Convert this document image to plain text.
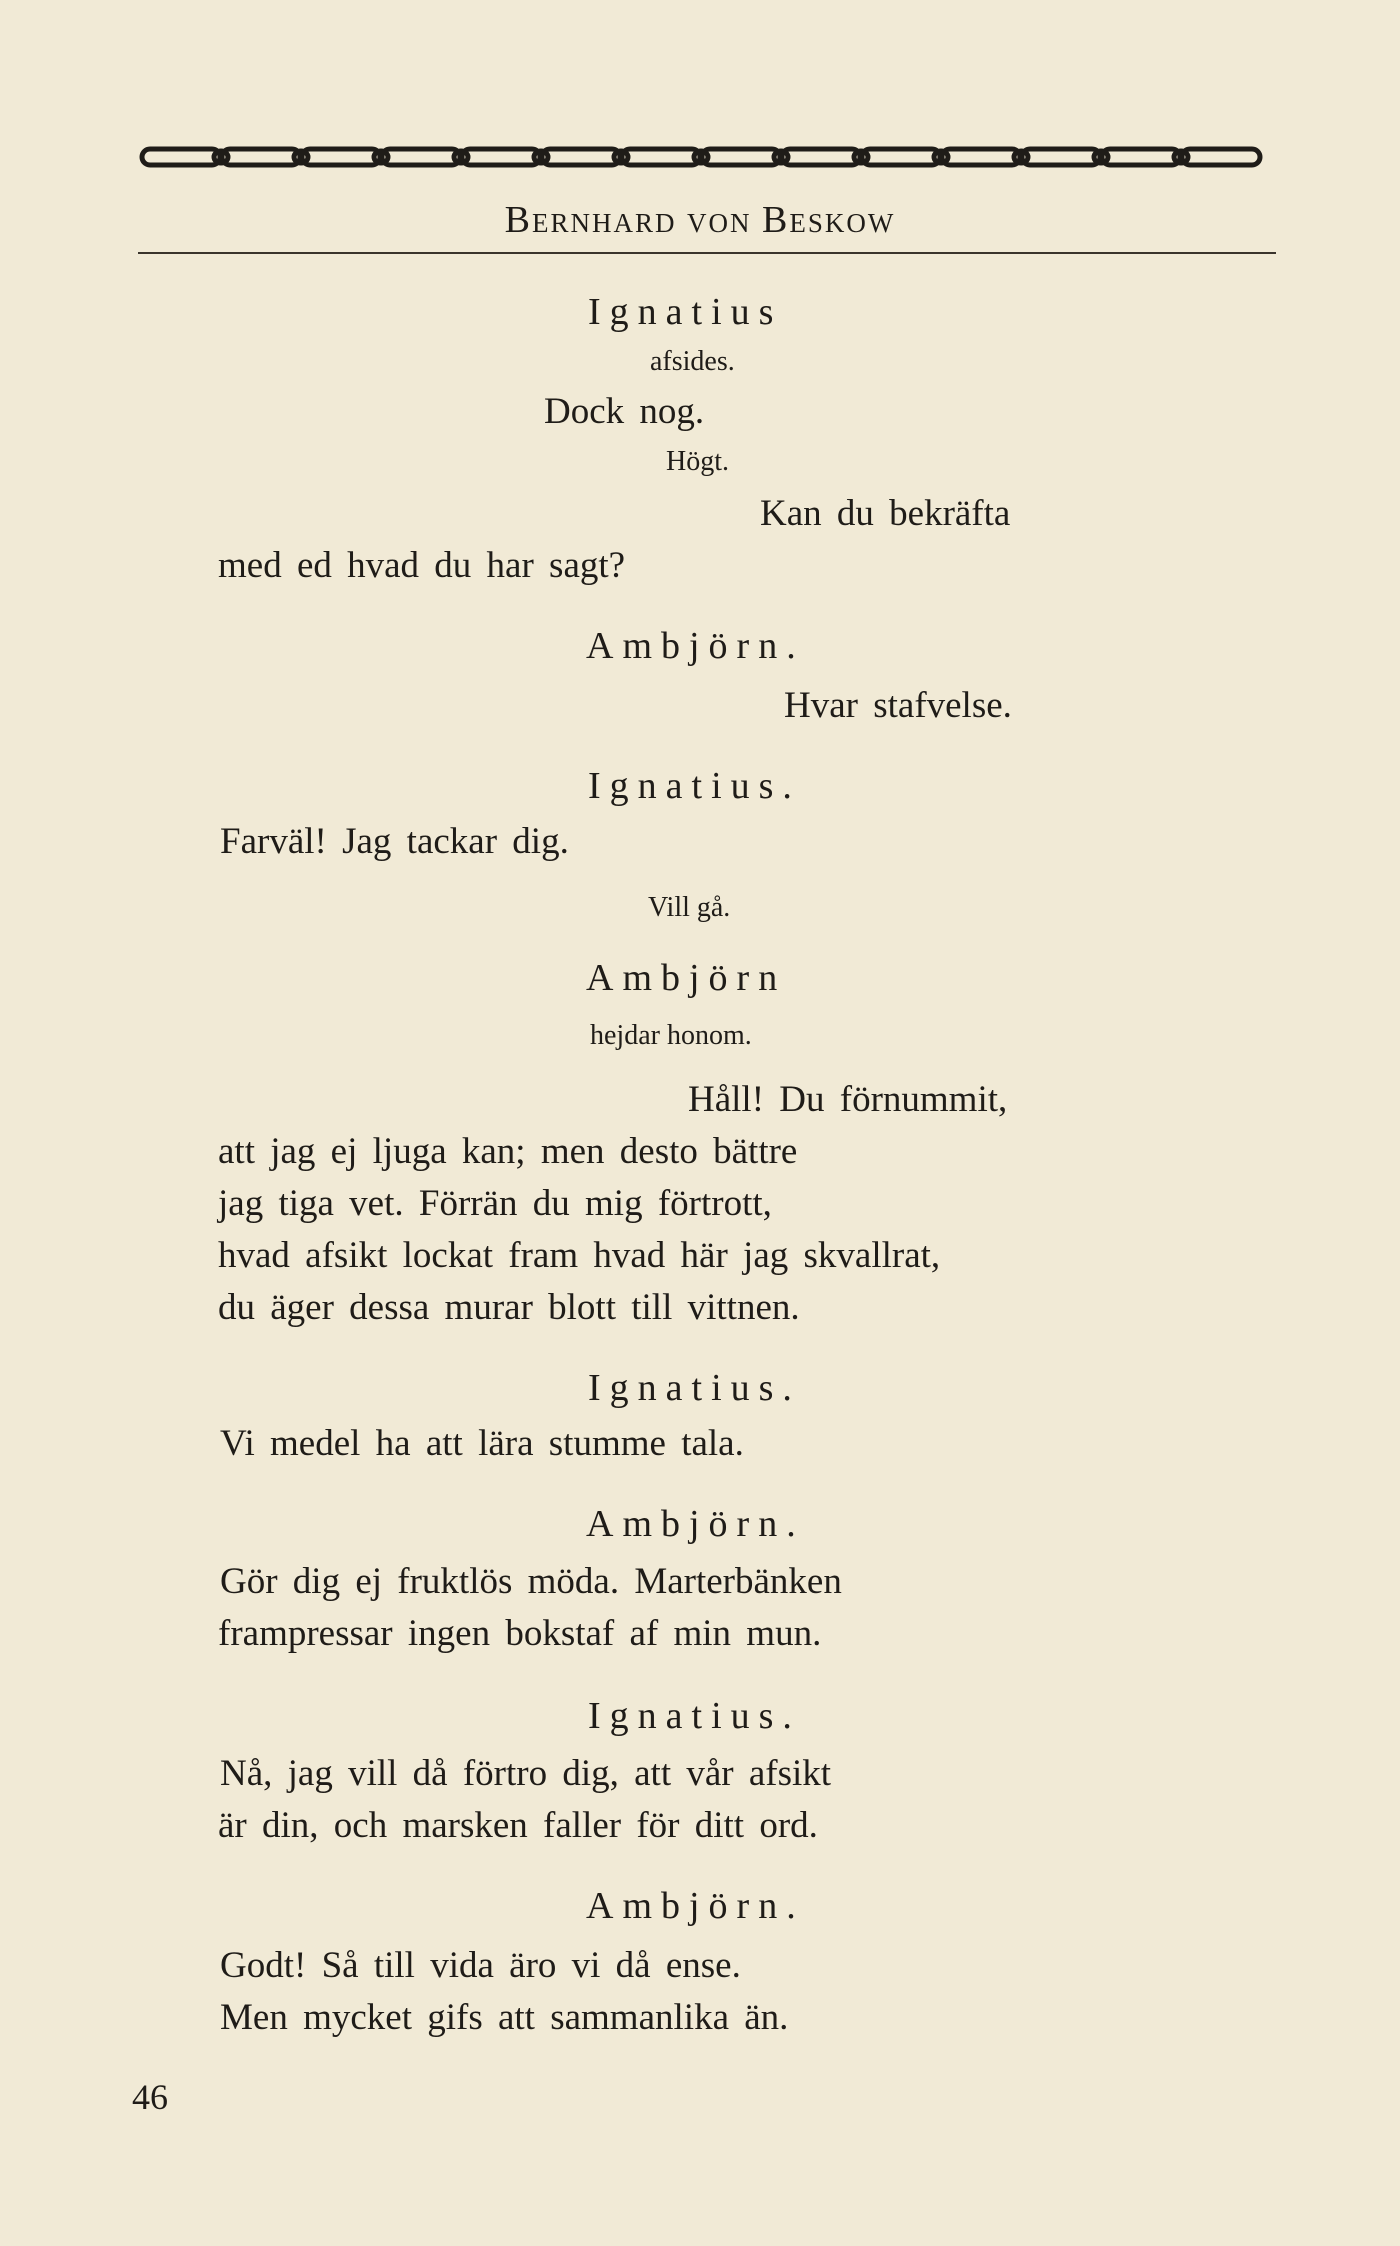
BERNHARD VON BESKOW
Ignatius
afsides.
Dock nog.
Högt.
Kan du bekräfta
med ed hvad du har sagt?
Ambjörn.
Hvar stafvelse.
Ignatius.
Farväl! Jag tackar dig.
Vill gå.
Ambjörn
hejdar honom.
Håll! Du förnummit,
att jag ej ljuga kan; men desto bättre
jag tiga vet. Förrän du mig förtrott,
hvad afsikt lockat fram hvad här jag skvallrat,
du äger dessa murar blott till vittnen.
Ignatius.
Vi medel ha att lära stumme tala.
Ambjörn.
Gör dig ej fruktlös möda. Marterbänken
frampressar ingen bokstaf af min mun.
Ignatius.
Nå, jag vill då förtro dig, att vår afsikt
är din, och marsken faller för ditt ord.
Ambjörn.
Godt! Så till vida äro vi då ense.
Men mycket gifs att sammanlika än.
46
